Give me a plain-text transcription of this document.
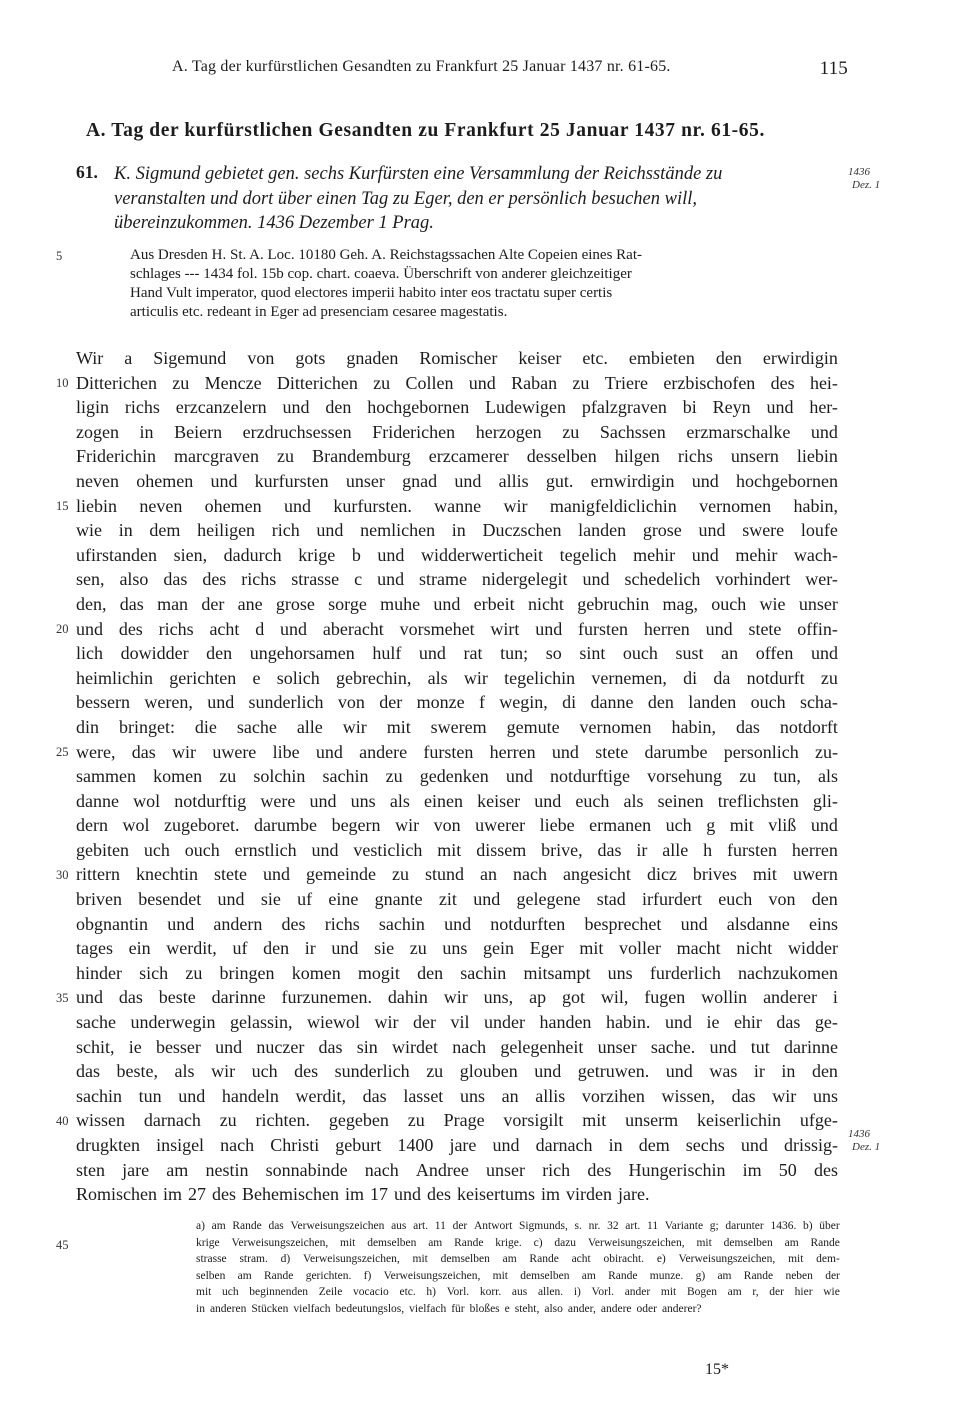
A. Tag der kurfürstlichen Gesandten zu Frankfurt 25 Januar 1437 nr. 61-65.	115
A. Tag der kurfürstlichen Gesandten zu Frankfurt 25 Januar 1437 nr. 61-65.
61. K. Sigmund gebietet gen. sechs Kurfürsten eine Versammlung der Reichsstände zu
veranstalten und dort über einen Tag zu Eger, den er persönlich besuchen will,
übereinzukommen. 1436 Dezember 1 Prag.
1436
Dez. 1
Aus Dresden H. St. A. Loc. 10180 Geh. A. Reichstagssachen Alte Copeien eines Rat-
schlages --- 1434 fol. 15b cop. chart. coaeva. Überschrift von anderer gleichzeitiger
Hand Vult imperator, quod electores imperii habito inter eos tractatu super certis
articulis etc. redeant in Eger ad presenciam cesaree magestatis.
Wir a Sigemund von gots gnaden Romischer keiser etc. embieten den erwirdigin
Ditterichen zu Mencze Ditterichen zu Collen und Raban zu Triere erzbischofen des hei-
ligin richs erzcanzelern und den hochgebornen Ludewigen pfalzgraven bi Reyn und her-
zogen in Beiern erzdruchsessen Friderichen herzogen zu Sachssen erzmarschalke und
Friderichin marcgraven zu Brandemburg erzcamerer desselben hilgen richs unsern liebin
neven ohemen und kurfursten unser gnad und allis gut. ernwirdigin und hochgebornen
liebin neven ohemen und kurfursten. wanne wir manigfeldiclichin vernomen habin,
wie in dem heiligen rich und nemlichen in Duczschen landen grose und swere loufe
ufirstanden sien, dadurch krige b und widderwerticheit tegelich mehir und mehir wach-
sen, also das des richs strasse c und strame nidergelegit und schedelich vorhindert wer-
den, das man der ane grose sorge muhe und erbeit nicht gebruchin mag, ouch wie unser
und des richs acht d und aberacht vorsmehet wirt und fursten herren und stete offin-
lich dowidder den ungehorsamen hulf und rat tun; so sint ouch sust an offen und
heimlichin gerichten e solich gebrechin, als wir tegelichin vernemen, di da notdurft zu
bessern weren, und sunderlich von der monze f wegin, di danne den landen ouch scha-
din bringet: die sache alle wir mit swerem gemute vernomen habin, das notdorft
were, das wir uwere libe und andere fursten herren und stete darumbe personlich zu-
sammen komen zu solchin sachin zu gedenken und notdurftige vorsehung zu tun, als
danne wol notdurftig were und uns als einen keiser und euch als seinen treflichsten gli-
dern wol zugeboret. darumbe begern wir von uwerer liebe ermanen uch g mit vliß und
gebiten uch ouch ernstlich und vesticlich mit dissem brive, das ir alle h fursten herren
rittern knechtin stete und gemeinde zu stund an nach angesicht dicz brives mit uwern
briven besendet und sie uf eine gnante zit und gelegene stad irfurdert euch von den
obgnantin und andern des richs sachin und notdurften besprechet und alsdanne eins
tages ein werdit, uf den ir und sie zu uns gein Eger mit voller macht nicht widder
hinder sich zu bringen komen mogit den sachin mitsampt uns furderlich nachzukomen
und das beste darinne furzunemen. dahin wir uns, ap got wil, fugen wollin anderer i
sache underwegin gelassin, wiewol wir der vil under handen habin. und ie ehir das ge-
schit, ie besser und nuczer das sin wirdet nach gelegenheit unser sache. und tut darinne
das beste, als wir uch des sunderlich zu glouben und getruwen. und was ir in den
sachin tun und handeln werdit, das lasset uns an allis vorzihen wissen, das wir uns
wissen darnach zu richten. gegeben zu Prage vorsigilt mit unserm keiserlichin ufge-
drugkten insigel nach Christi geburt 1400 jare und darnach in dem sechs und drissig-
sten jare am nestin sonnabinde nach Andree unser rich des Hungerischin im 50 des
Romischen im 27 des Behemischen im 17 und des keisertums im virden jare.
1436
Dez. 1
5
10
15
20
25
30
35
40
45
a) am Rande das Verweisungszeichen aus art. 11 der Antwort Sigmunds, s. nr. 32 art. 11 Variante g; darunter 1436. b) über
krige Verweisungszeichen, mit demselben am Rande krige. c) dazu Verweisungszeichen, mit demselben am Rande
strasse stram. d) Verweisungszeichen, mit demselben am Rande acht obiracht. e) Verweisungszeichen, mit dem-
selben am Rande gerichten. f) Verweisungszeichen, mit demselben am Rande munze. g) am Rande neben der
mit uch beginnenden Zeile vocacio etc. h) Vorl. korr. aus allen. i) Vorl. ander mit Bogen am r, der hier wie
in anderen Stücken vielfach bedeutungslos, vielfach für bloßes e steht, also ander, andere oder anderer?
15*
